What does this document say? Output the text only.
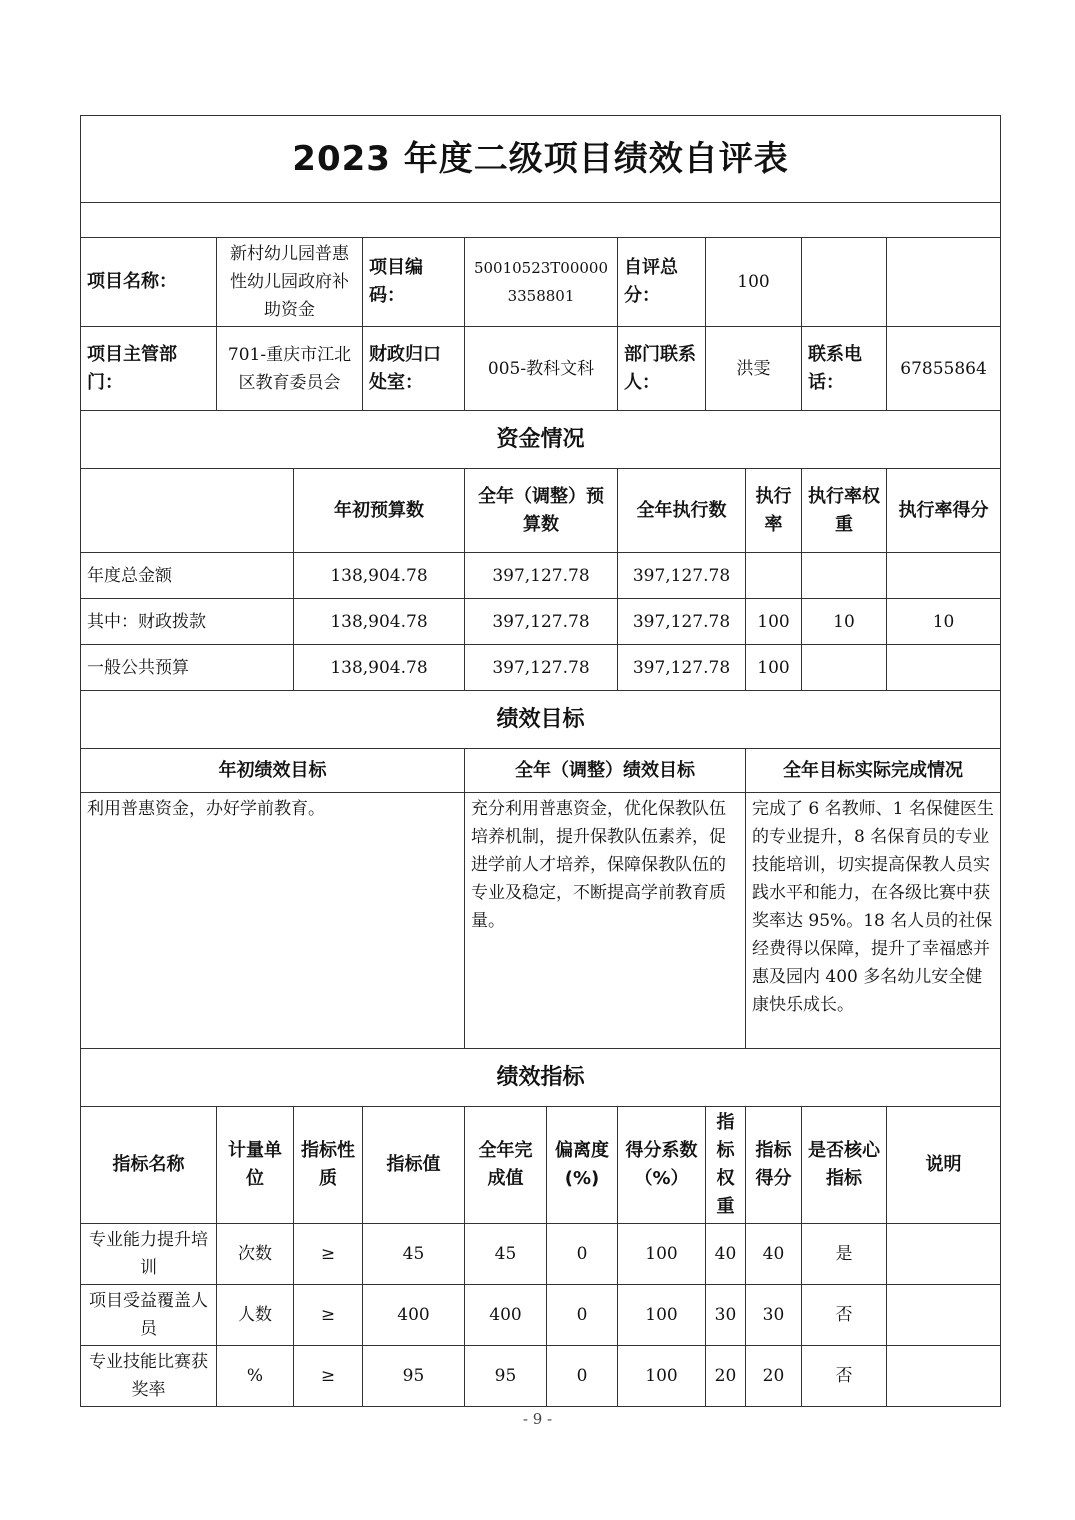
2023 年度二级项目绩效自评表										

项目名称：	新村幼儿园普惠性幼儿园政府补助资金		项目编码：	50010523T000003358801		自评总分：	100			
项目主管部门：	701-重庆市江北区教育委员会		财政归口处室：	005-教科文科		部门联系人：	洪雯		联系电话：	67855864
资金情况										
		年初预算数		全年（调整）预算数		全年执行数		执行率	执行率权重	执行率得分
年度总金额		138,904.78		397,127.78		397,127.78				
其中：财政拨款		138,904.78		397,127.78		397,127.78		100	10	10
一般公共预算		138,904.78		397,127.78		397,127.78		100		
绩效目标										
年初绩效目标				全年（调整）绩效目标				全年目标实际完成情况		
利用普惠资金，办好学前教育。				充分利用普惠资金，优化保教队伍培养机制，提升保教队伍素养，促进学前人才培养，保障保教队伍的专业及稳定，不断提高学前教育质量。				完成了 6 名教师、1 名保健医生的专业提升，8 名保育员的专业技能培训，切实提高保教人员实践水平和能力，在各级比赛中获奖率达 95%。18 名人员的社保经费得以保障，提升了幸福感并惠及园内 400 多名幼儿安全健康快乐成长。		
绩效指标										
指标名称	计量单位	指标性质	指标值	全年完成值	偏离度(%)	得分系数（%）	指标权重	指标得分	是否核心指标	说明
专业能力提升培训	次数	≥	45	45	0	100	40	40	是	
项目受益覆盖人员	人数	≥	400	400	0	100	30	30	否	
专业技能比赛获奖率	%	≥	95	95	0	100	20	20	否	
- 9 -
